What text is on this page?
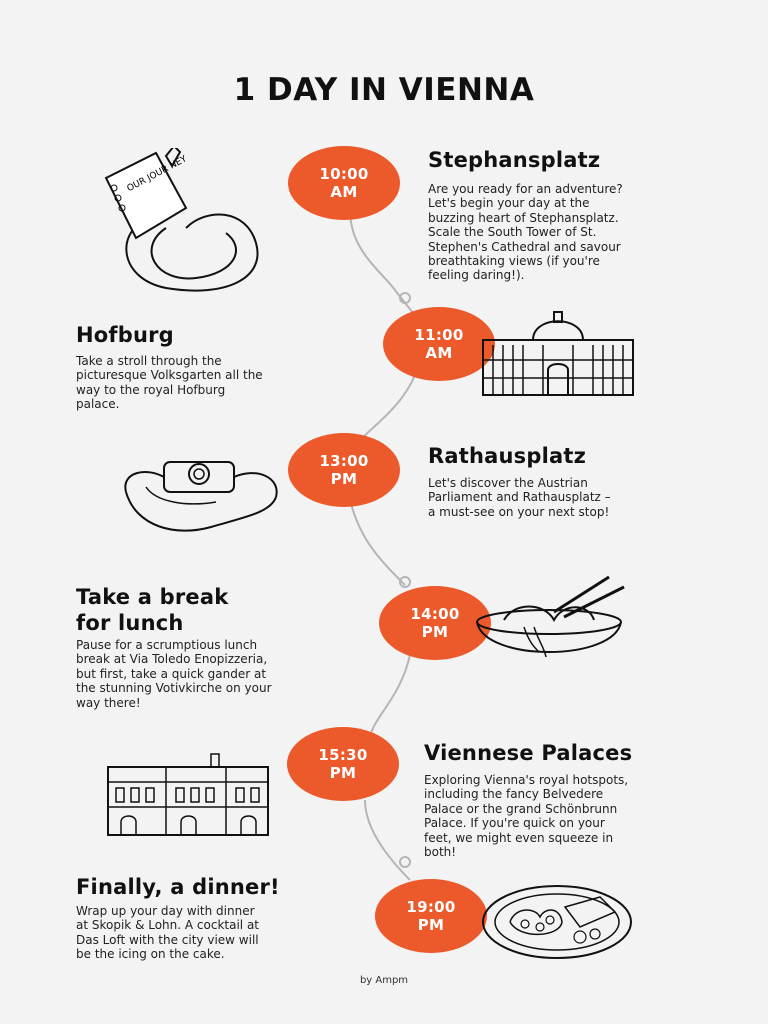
1 DAY IN VIENNA
10:00
AM
Stephansplatz

Are you ready for an adventure?
Let's begin your day at the
buzzing heart of Stephansplatz.
Scale the South Tower of St.
Stephen's Cathedral and savour
breathtaking views (if you're
feeling daring!).

OUR JOUR NEY
11:00
AM
Hofburg

Take a stroll through the
picturesque Volksgarten all the
way to the royal Hofburg
palace.

13:00
PM
Rathausplatz

Let's discover the Austrian
Parliament and Rathausplatz –
a must-see on your next stop!

14:00
PM
Take a break
for lunch

Pause for a scrumptious lunch
break at Via Toledo Enopizzeria,
but first, take a quick gander at
the stunning Votivkirche on your
way there!

15:30
PM
Viennese Palaces

Exploring Vienna's royal hotspots,
including the fancy Belvedere
Palace or the grand Schönbrunn
Palace. If you're quick on your
feet, we might even squeeze in
both!

19:00
PM
Finally, a dinner!

Wrap up your day with dinner
at Skopik & Lohn. A cocktail at
Das Loft with the city view will
be the icing on the cake.

by Ampm
